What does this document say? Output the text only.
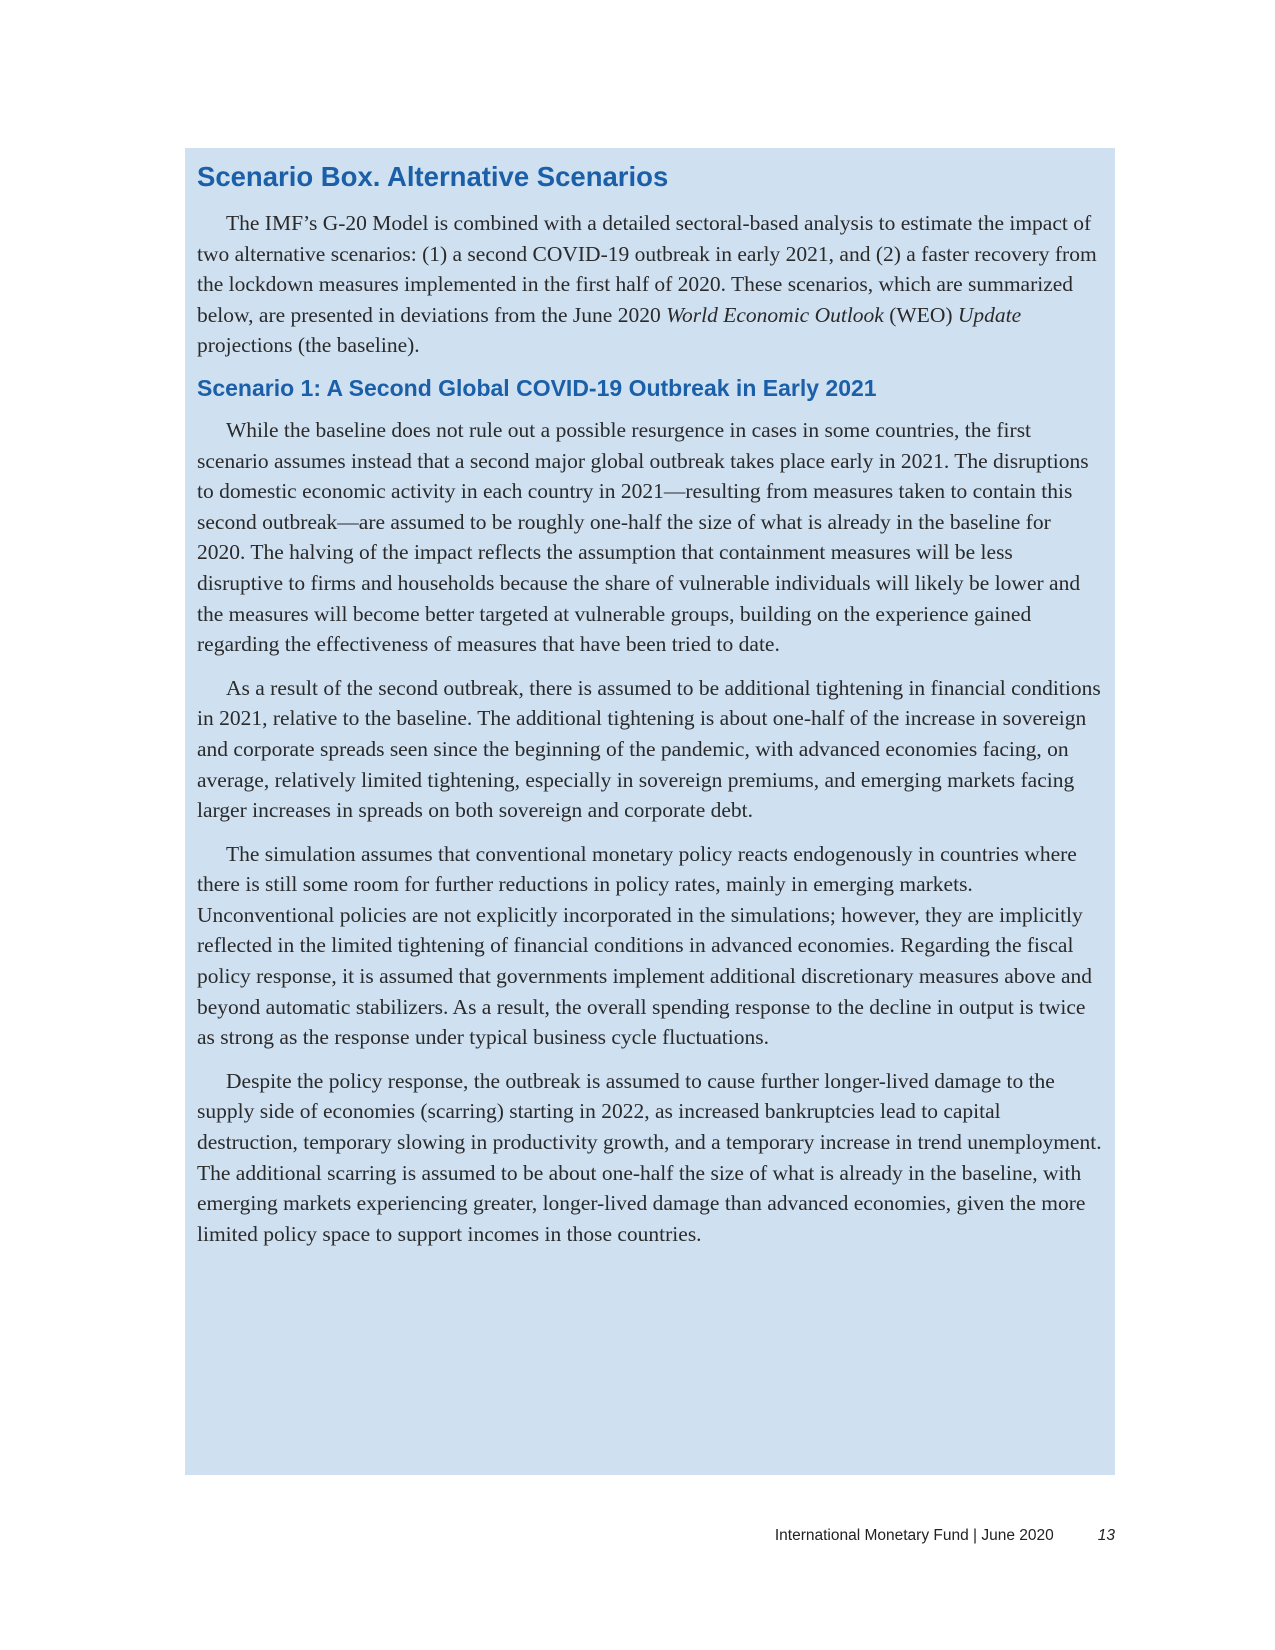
Scenario Box. Alternative Scenarios

The IMF’s G-20 Model is combined with a detailed sectoral-based analysis to estimate the impact of two alternative scenarios: (1) a second COVID-19 outbreak in early 2021, and (2) a faster recovery from the lockdown measures implemented in the first half of 2020. These scenarios, which are summarized below, are presented in deviations from the June 2020 World Economic Outlook (WEO) Update projections (the baseline).

Scenario 1: A Second Global COVID-19 Outbreak in Early 2021

While the baseline does not rule out a possible resurgence in cases in some countries, the first scenario assumes instead that a second major global outbreak takes place early in 2021. The disruptions to domestic economic activity in each country in 2021—resulting from measures taken to contain this second outbreak—are assumed to be roughly one-half the size of what is already in the baseline for 2020. The halving of the impact reflects the assumption that containment measures will be less disruptive to firms and households because the share of vulnerable individuals will likely be lower and the measures will become better targeted at vulnerable groups, building on the experience gained regarding the effectiveness of measures that have been tried to date.

As a result of the second outbreak, there is assumed to be additional tightening in financial conditions in 2021, relative to the baseline. The additional tightening is about one-half of the increase in sovereign and corporate spreads seen since the beginning of the pandemic, with advanced economies facing, on average, relatively limited tightening, especially in sovereign premiums, and emerging markets facing larger increases in spreads on both sovereign and corporate debt.

The simulation assumes that conventional monetary policy reacts endogenously in countries where there is still some room for further reductions in policy rates, mainly in emerging markets. Unconventional policies are not explicitly incorporated in the simulations; however, they are implicitly reflected in the limited tightening of financial conditions in advanced economies. Regarding the fiscal policy response, it is assumed that governments implement additional discretionary measures above and beyond automatic stabilizers. As a result, the overall spending response to the decline in output is twice as strong as the response under typical business cycle fluctuations.

Despite the policy response, the outbreak is assumed to cause further longer-lived damage to the supply side of economies (scarring) starting in 2022, as increased bankruptcies lead to capital destruction, temporary slowing in productivity growth, and a temporary increase in trend unemployment. The additional scarring is assumed to be about one-half the size of what is already in the baseline, with emerging markets experiencing greater, longer-lived damage than advanced economies, given the more limited policy space to support incomes in those countries.

International Monetary Fund | June 2020	13
